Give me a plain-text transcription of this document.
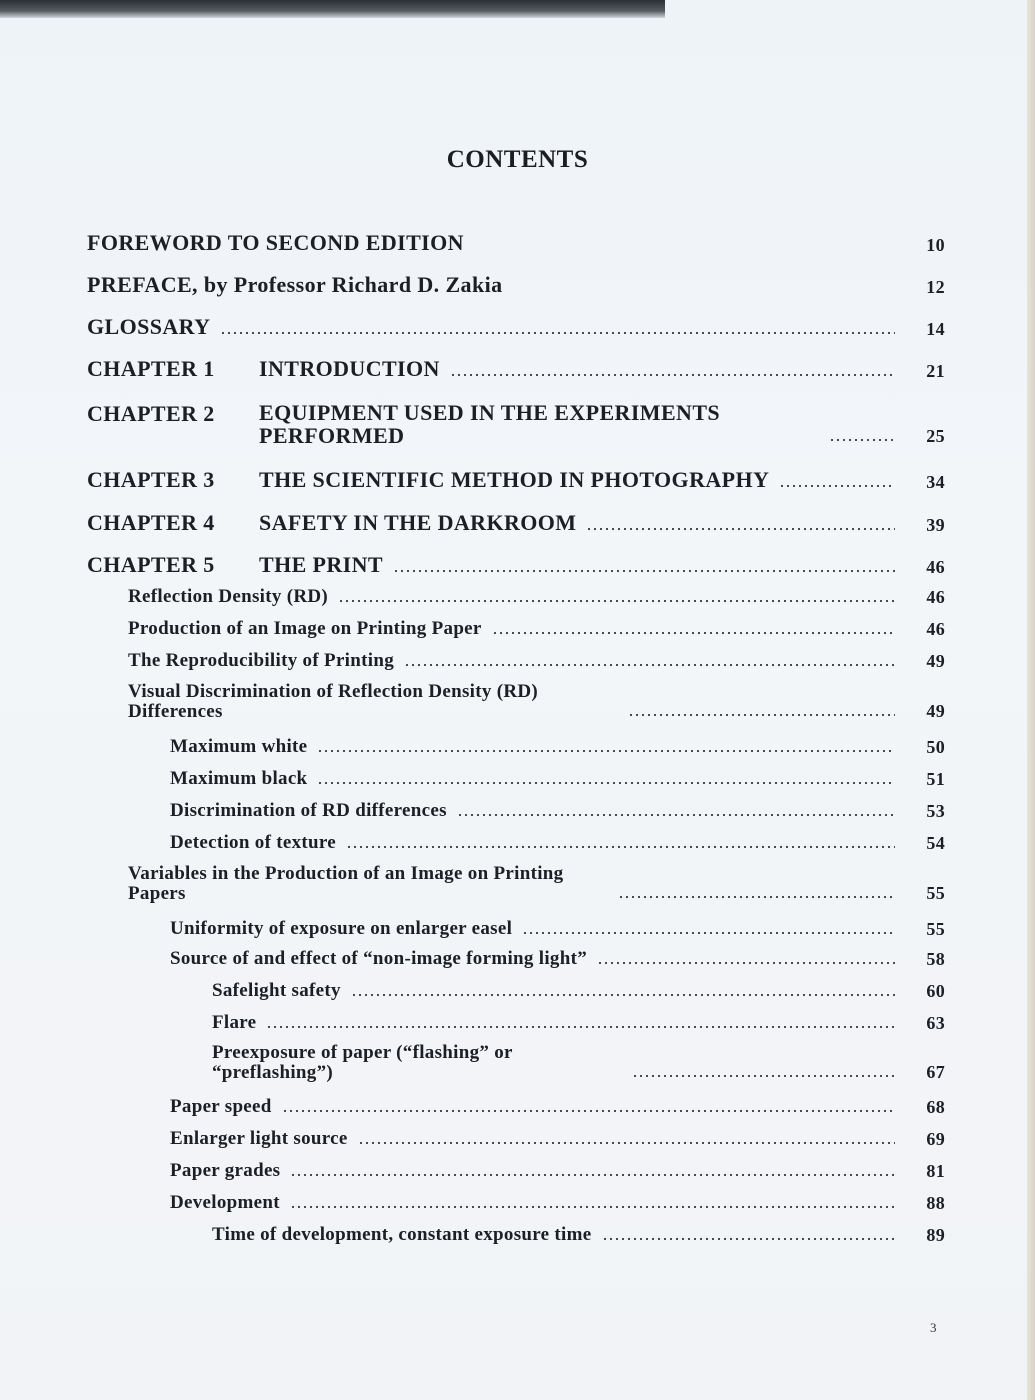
CONTENTS
FOREWORD TO SECOND EDITION	10
PREFACE, by Professor Richard D. Zakia	12
GLOSSARY	14
CHAPTER 1	INTRODUCTION	21
CHAPTER 2	EQUIPMENT USED IN THE EXPERIMENTS PERFORMED	25
CHAPTER 3	THE SCIENTIFIC METHOD IN PHOTOGRAPHY	34
CHAPTER 4	SAFETY IN THE DARKROOM	39
CHAPTER 5	THE PRINT	46
Reflection Density (RD)	46
Production of an Image on Printing Paper	46
The Reproducibility of Printing	49
Visual Discrimination of Reflection Density (RD) Differences	49
Maximum white	50
Maximum black	51
Discrimination of RD differences	53
Detection of texture	54
Variables in the Production of an Image on Printing Papers	55
Uniformity of exposure on enlarger easel	55
Source of and effect of “non-image forming light”	58
Safelight safety	60
Flare	63
Preexposure of paper (“flashing” or “preflashing”)	67
Paper speed	68
Enlarger light source	69
Paper grades	81
Development	88
Time of development, constant exposure time	89
3
